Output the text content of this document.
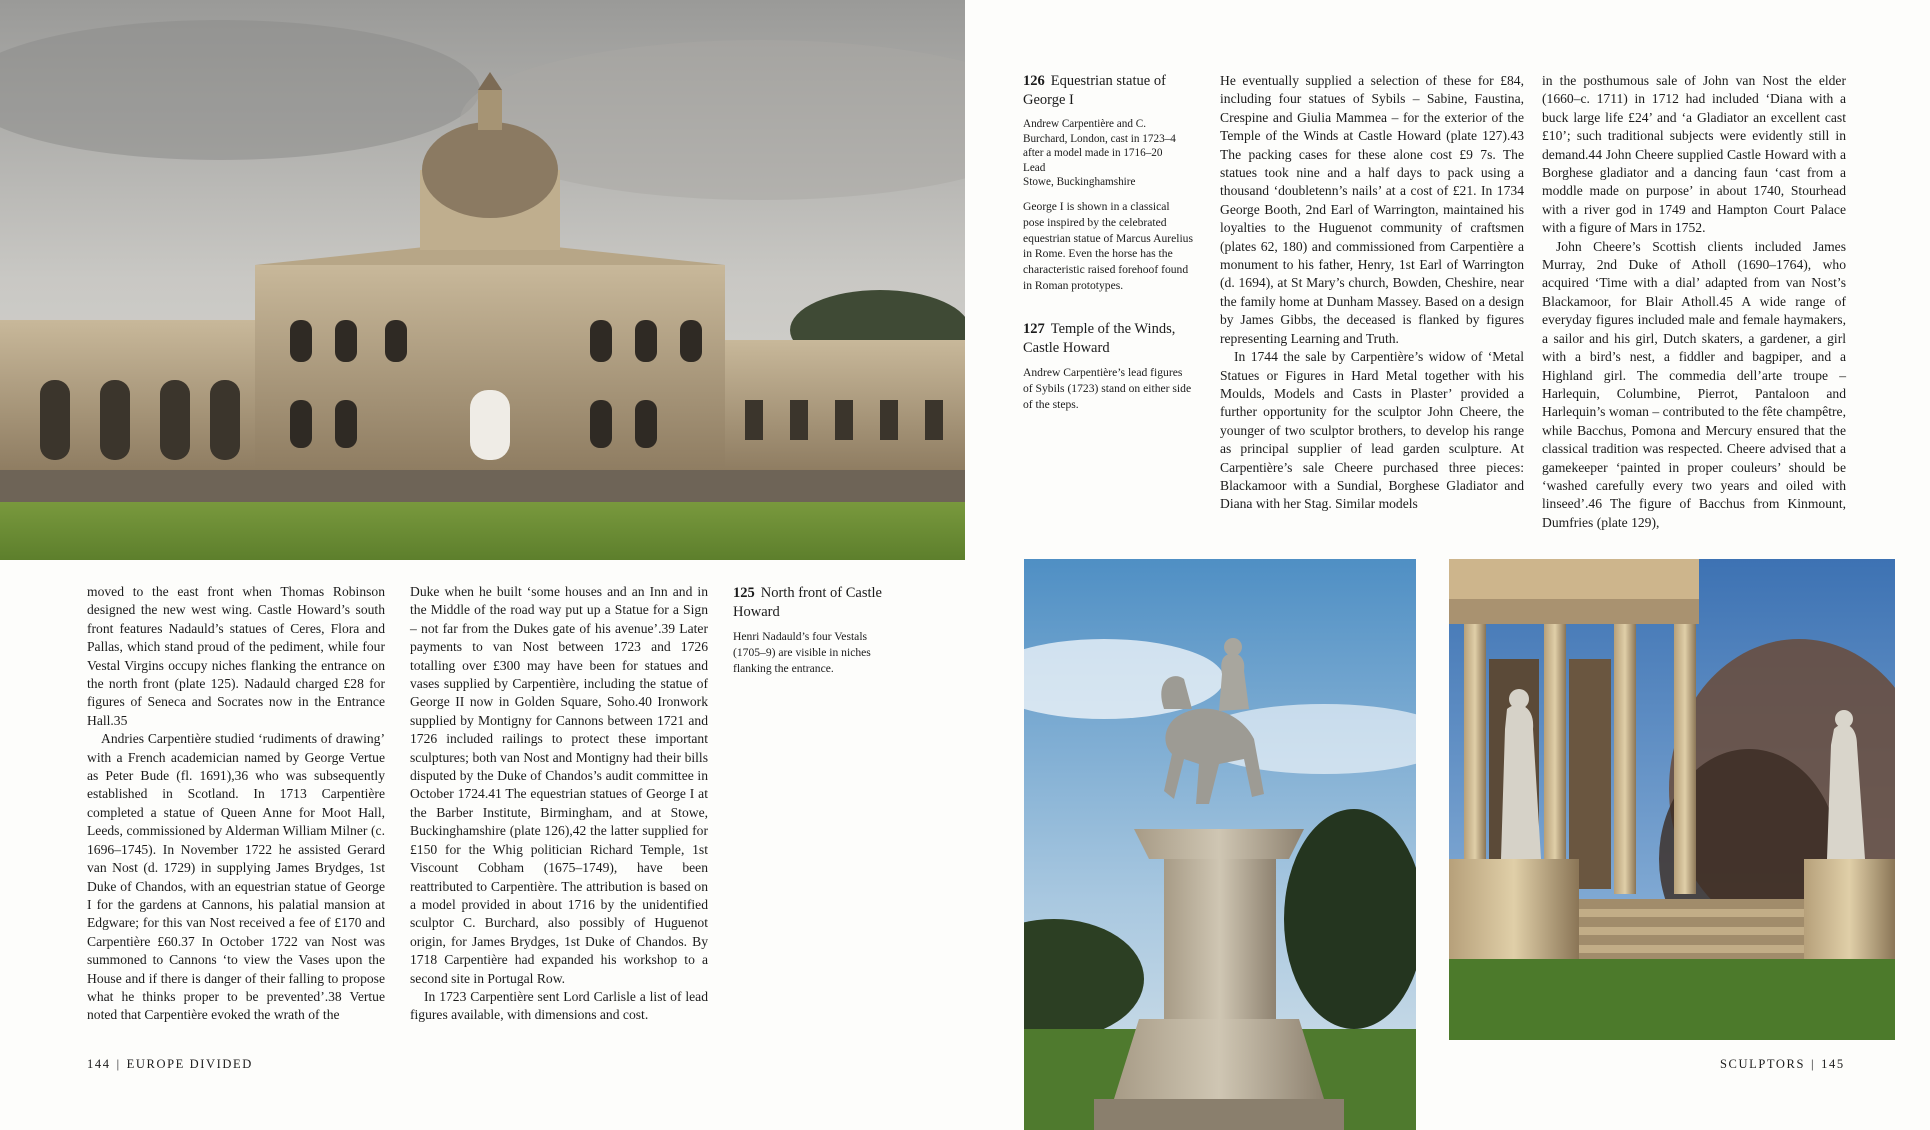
moved to the east front when Thomas Robinson designed the new west wing. Castle Howard’s south front features Nadauld’s statues of Ceres, Flora and Pallas, which stand proud of the pediment, while four Vestal Virgins occupy niches flanking the entrance on the north front (plate 125). Nadauld charged £28 for figures of Seneca and Socrates now in the Entrance Hall.35

Andries Carpentière studied ‘rudiments of drawing’ with a French academician named by George Vertue as Peter Bude (fl. 1691),36 who was subsequently established in Scotland. In 1713 Carpentière completed a statue of Queen Anne for Moot Hall, Leeds, commissioned by Alderman William Milner (c. 1696–1745). In November 1722 he assisted Gerard van Nost (d. 1729) in supplying James Brydges, 1st Duke of Chandos, with an equestrian statue of George I for the gardens at Cannons, his palatial mansion at Edgware; for this van Nost received a fee of £170 and Carpentière £60.37 In October 1722 van Nost was summoned to Cannons ‘to view the Vases upon the House and if there is danger of their falling to propose what he thinks proper to be prevented’.38 Vertue noted that Carpentière evoked the wrath of the

Duke when he built ‘some houses and an Inn and in the Middle of the road way put up a Statue for a Sign – not far from the Dukes gate of his avenue’.39 Later payments to van Nost between 1723 and 1726 totalling over £300 may have been for statues and vases supplied by Carpentière, including the statue of George II now in Golden Square, Soho.40 Ironwork supplied by Montigny for Cannons between 1721 and 1726 included railings to protect these important sculptures; both van Nost and Montigny had their bills disputed by the Duke of Chandos’s audit committee in October 1724.41 The equestrian statues of George I at the Barber Institute, Birmingham, and at Stowe, Buckinghamshire (plate 126),42 the latter supplied for £150 for the Whig politician Richard Temple, 1st Viscount Cobham (1675–1749), have been reattributed to Carpentière. The attribution is based on a model provided in about 1716 by the unidentified sculptor C. Burchard, also possibly of Huguenot origin, for James Brydges, 1st Duke of Chandos. By 1718 Carpentière had expanded his workshop to a second site in Portugal Row.

In 1723 Carpentière sent Lord Carlisle a list of lead figures available, with dimensions and cost.

125 North front of Castle Howard

Henri Nadauld’s four Vestals (1705–9) are visible in niches flanking the entrance.

144 | EUROPE DIVIDED
126 Equestrian statue of George I

Andrew Carpentière and C. Burchard, London, cast in 1723–4 after a model made in 1716–20
Lead
Stowe, Buckinghamshire

George I is shown in a classical pose inspired by the celebrated equestrian statue of Marcus Aurelius in Rome. Even the horse has the characteristic raised forehoof found in Roman prototypes.

127 Temple of the Winds, Castle Howard

Andrew Carpentière’s lead figures of Sybils (1723) stand on either side of the steps.

He eventually supplied a selection of these for £84, including four statues of Sybils – Sabine, Faustina, Crespine and Giulia Mammea – for the exterior of the Temple of the Winds at Castle Howard (plate 127).43 The packing cases for these alone cost £9 7s. The statues took nine and a half days to pack using a thousand ‘doubletenn’s nails’ at a cost of £21. In 1734 George Booth, 2nd Earl of Warrington, maintained his loyalties to the Huguenot community of craftsmen (plates 62, 180) and commissioned from Carpentière a monument to his father, Henry, 1st Earl of Warrington (d. 1694), at St Mary’s church, Bowden, Cheshire, near the family home at Dunham Massey. Based on a design by James Gibbs, the deceased is flanked by figures representing Learning and Truth.

In 1744 the sale by Carpentière’s widow of ‘Metal Statues or Figures in Hard Metal together with his Moulds, Models and Casts in Plaster’ provided a further opportunity for the sculptor John Cheere, the younger of two sculptor brothers, to develop his range as principal supplier of lead garden sculpture. At Carpentière’s sale Cheere purchased three pieces: Blackamoor with a Sundial, Borghese Gladiator and Diana with her Stag. Similar models

in the posthumous sale of John van Nost the elder (1660–c. 1711) in 1712 had included ‘Diana with a buck large life £24’ and ‘a Gladiator an excellent cast £10’; such traditional subjects were evidently still in demand.44 John Cheere supplied Castle Howard with a Borghese gladiator and a dancing faun ‘cast from a moddle made on purpose’ in about 1740, Stourhead with a river god in 1749 and Hampton Court Palace with a figure of Mars in 1752.

John Cheere’s Scottish clients included James Murray, 2nd Duke of Atholl (1690–1764), who acquired ‘Time with a dial’ adapted from van Nost’s Blackamoor, for Blair Atholl.45 A wide range of everyday figures included male and female haymakers, a sailor and his girl, Dutch skaters, a gardener, a girl with a bird’s nest, a fiddler and bagpiper, and a Highland girl. The commedia dell’arte troupe – Harlequin, Columbine, Pierrot, Pantaloon and Harlequin’s woman – contributed to the fête champêtre, while Bacchus, Pomona and Mercury ensured that the classical tradition was respected. Cheere advised that a gamekeeper ‘painted in proper couleurs’ should be ‘washed carefully every two years and oiled with linseed’.46 The figure of Bacchus from Kinmount, Dumfries (plate 129),

SCULPTORS | 145
